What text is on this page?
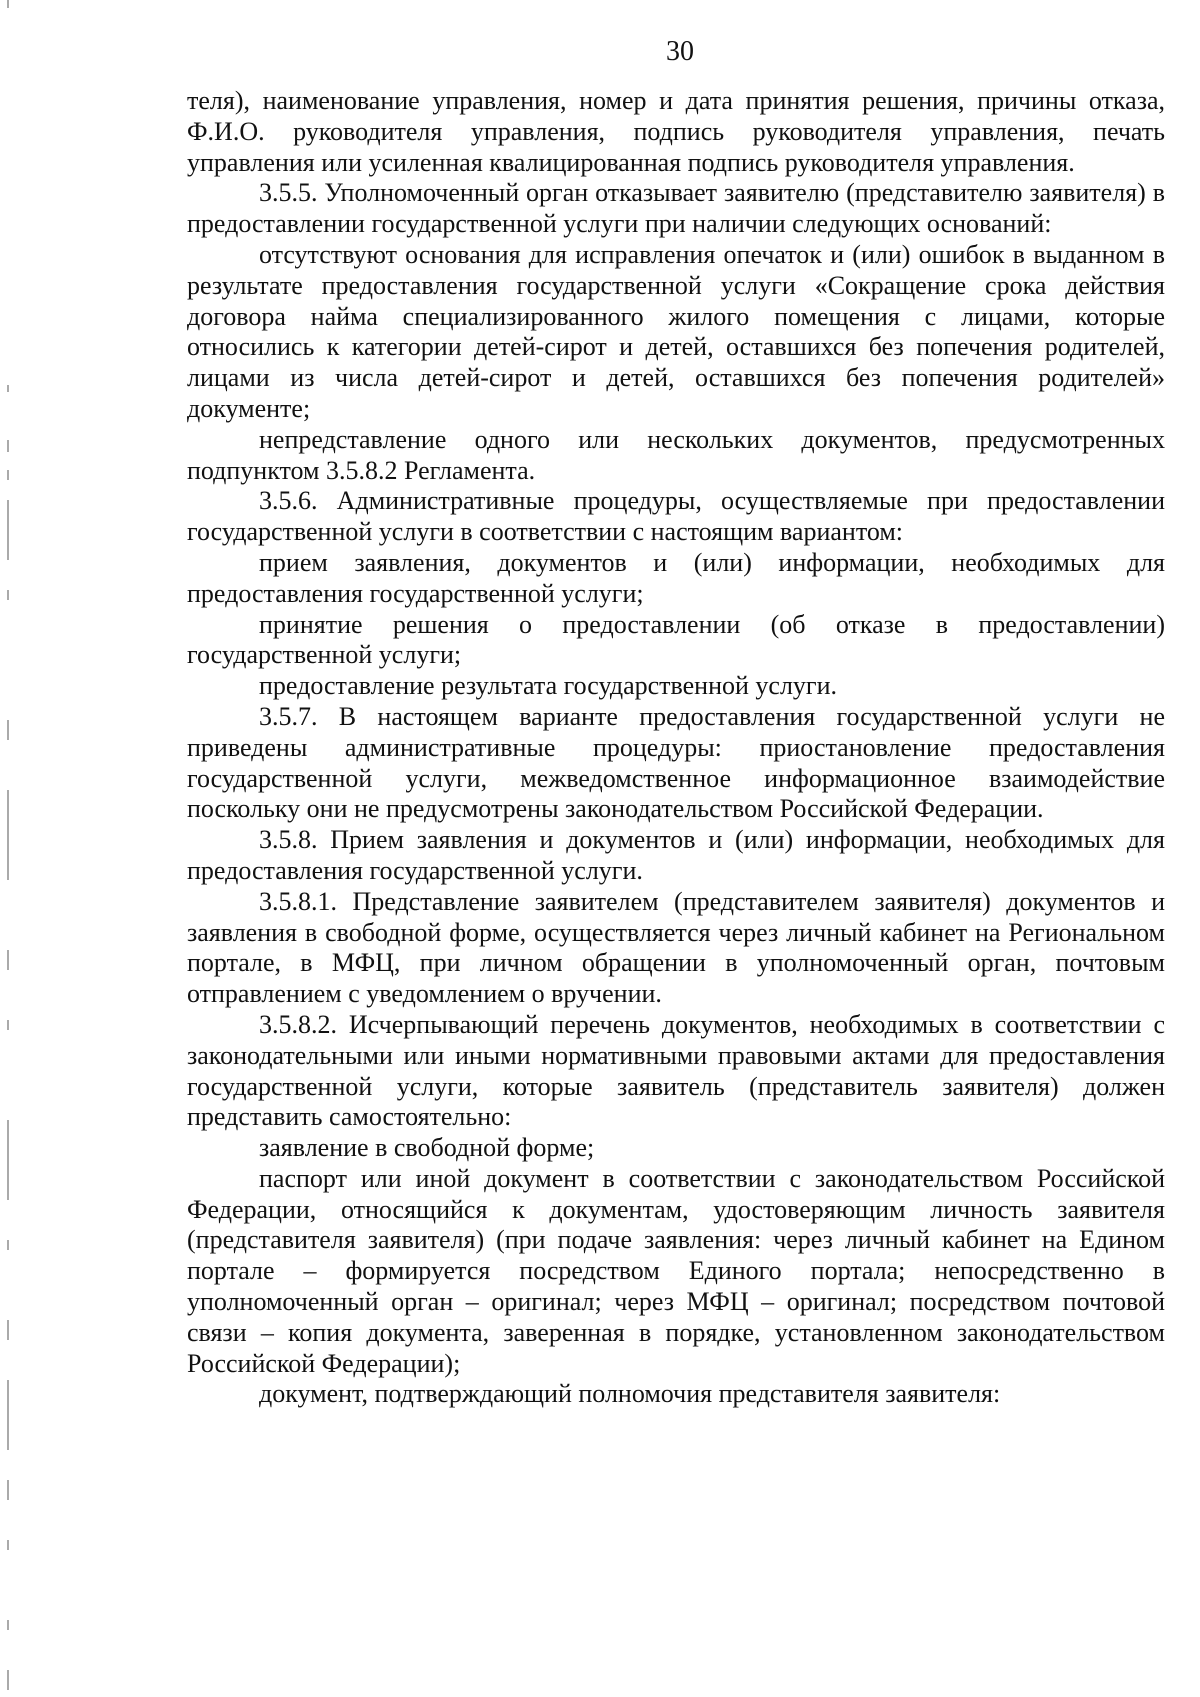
30

теля), наименование управления, номер и дата принятия решения, причины отказа, Ф.И.О. руководителя управления, подпись руководителя управления, печать управления или усиленная квалицированная подпись руководителя управления.

3.5.5. Уполномоченный орган отказывает заявителю (представителю заявителя) в предоставлении государственной услуги при наличии следующих оснований:

отсутствуют основания для исправления опечаток и (или) ошибок в выданном в результате предоставления государственной услуги «Сокращение срока действия договора найма специализированного жилого помещения с лицами, которые относились к категории детей-сирот и детей, оставшихся без попечения родителей, лицами из числа детей-сирот и детей, оставшихся без попечения родителей» документе;

непредставление одного или нескольких документов, предусмотренных подпунктом 3.5.8.2 Регламента.

3.5.6. Административные процедуры, осуществляемые при предоставлении государственной услуги в соответствии с настоящим вариантом:

прием заявления, документов и (или) информации, необходимых для предоставления государственной услуги;

принятие решения о предоставлении (об отказе в предоставлении) государственной услуги;

предоставление результата государственной услуги.

3.5.7. В настоящем варианте предоставления государственной услуги не приведены административные процедуры: приостановление предоставления государственной услуги, межведомственное информационное взаимодействие поскольку они не предусмотрены законодательством Российской Федерации.

3.5.8. Прием заявления и документов и (или) информации, необходимых для предоставления государственной услуги.

3.5.8.1. Представление заявителем (представителем заявителя) документов и заявления в свободной форме, осуществляется через личный кабинет на Региональном портале, в МФЦ, при личном обращении в уполномоченный орган, почтовым отправлением с уведомлением о вручении.

3.5.8.2. Исчерпывающий перечень документов, необходимых в соответствии с законодательными или иными нормативными правовыми актами для предоставления государственной услуги, которые заявитель (представитель заявителя) должен представить самостоятельно:

заявление в свободной форме;

паспорт или иной документ в соответствии с законодательством Российской Федерации, относящийся к документам, удостоверяющим личность заявителя (представителя заявителя) (при подаче заявления: через личный кабинет на Едином портале – формируется посредством Единого портала; непосредственно в уполномоченный орган – оригинал; через МФЦ – оригинал; посредством почтовой связи – копия документа, заверенная в порядке, установленном законодательством Российской Федерации);

документ, подтверждающий полномочия представителя заявителя:
